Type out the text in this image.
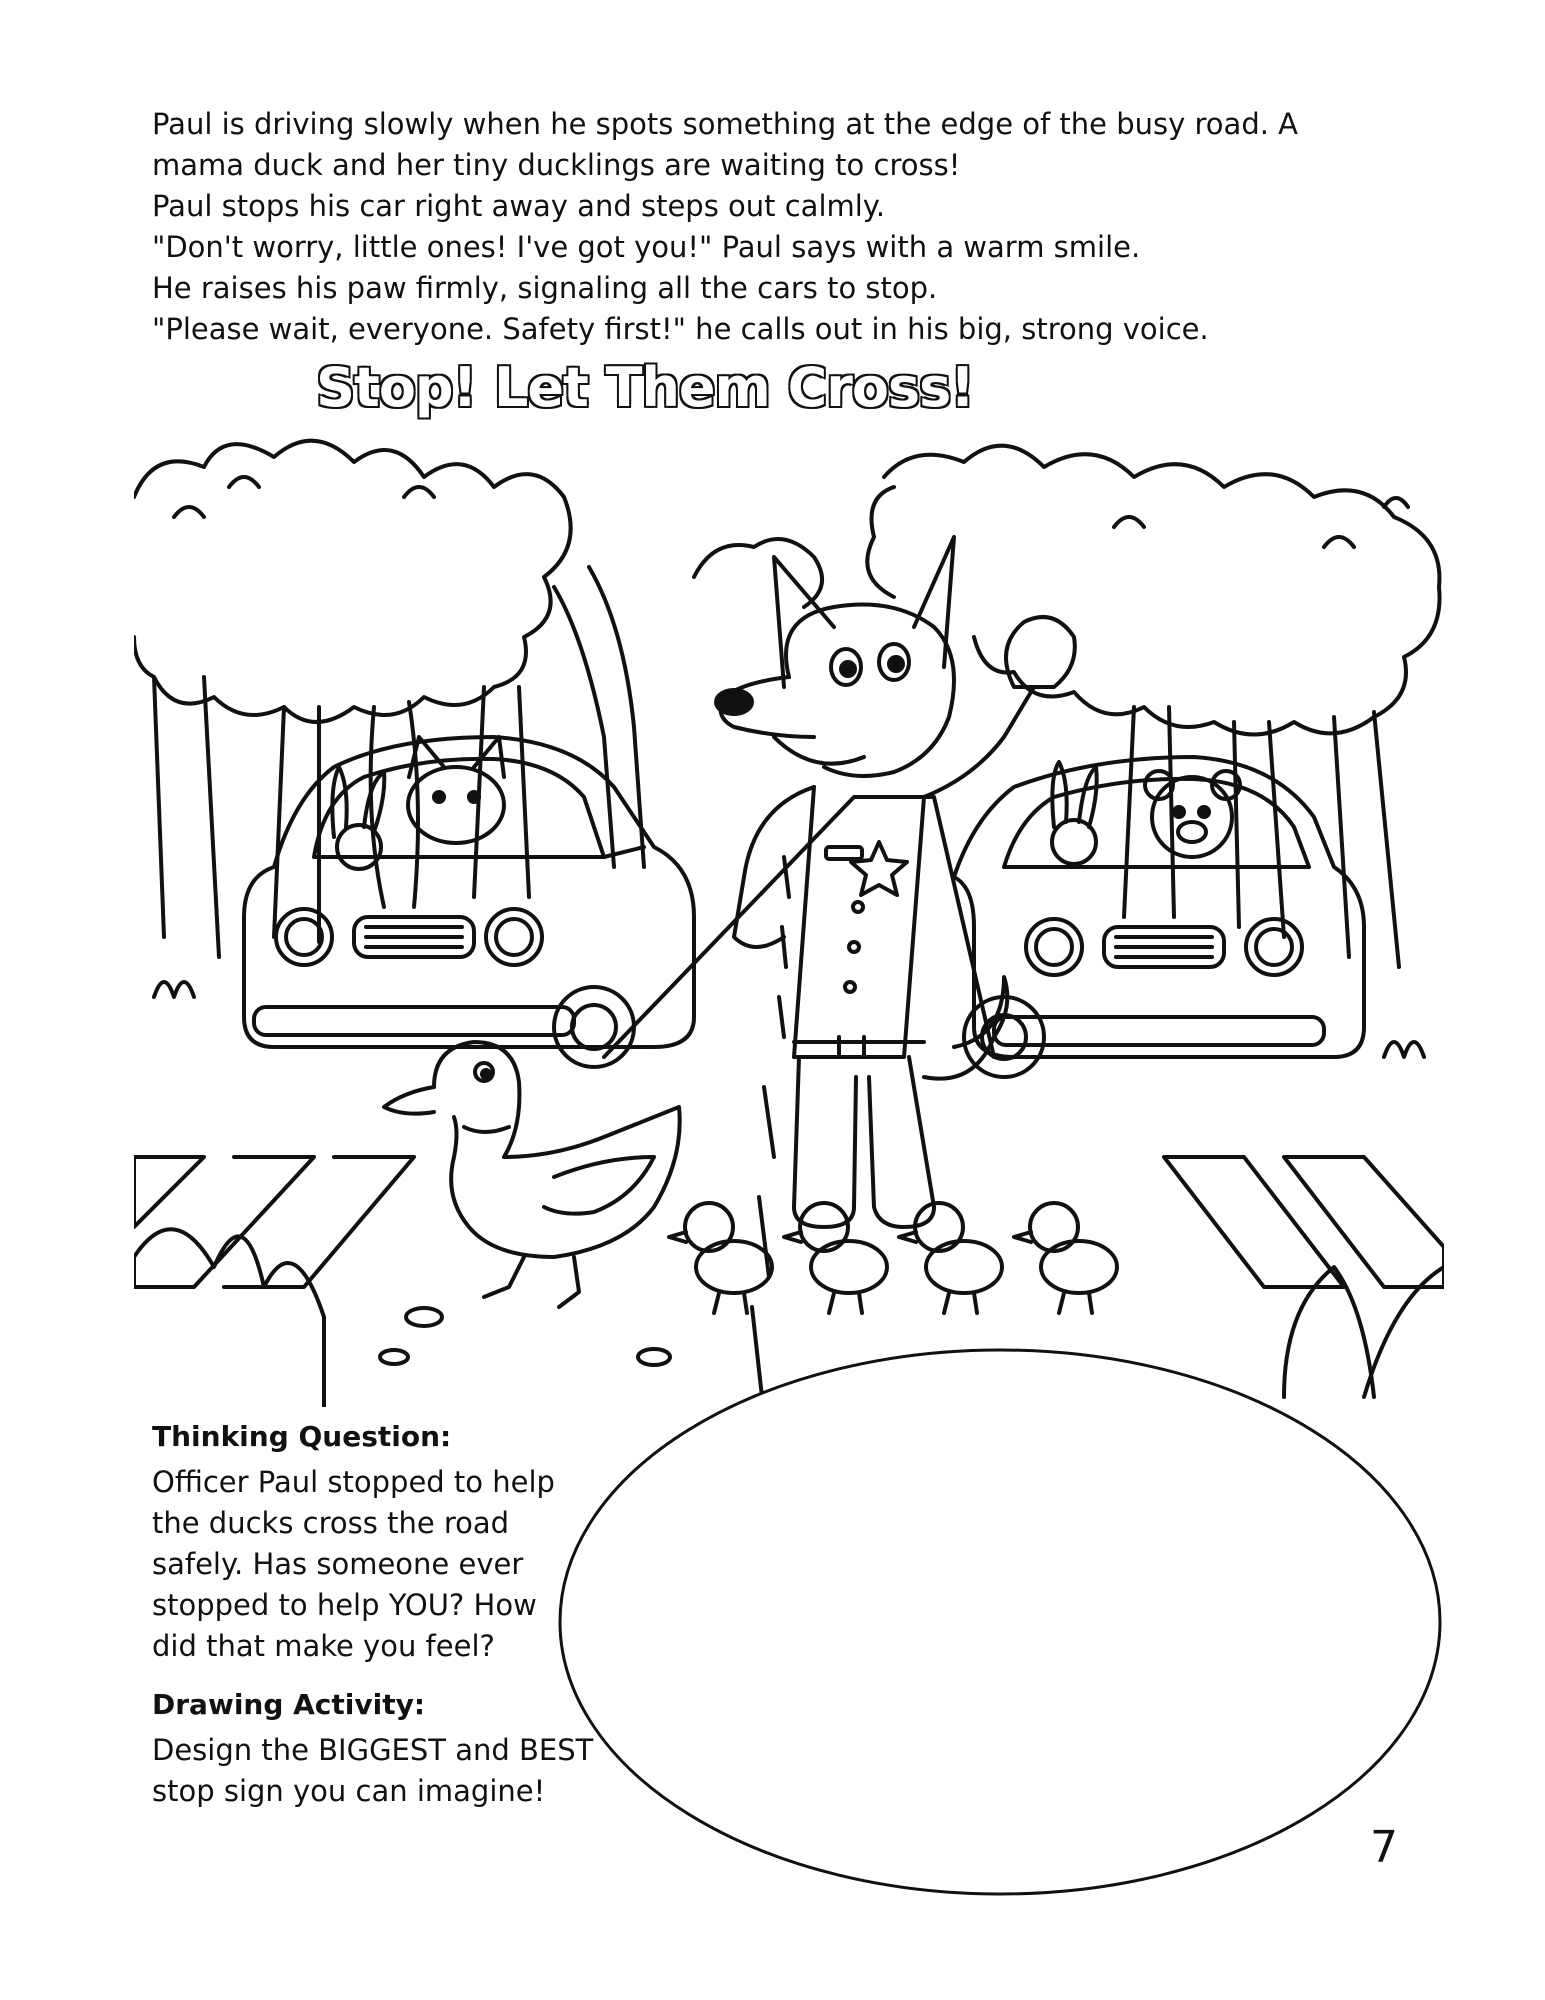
Paul is driving slowly when he spots something at the edge of the busy road. A

mama duck and her tiny ducklings are waiting to cross!

Paul stops his car right away and steps out calmly.

"Don't worry, little ones! I've got you!" Paul says with a warm smile.

He raises his paw firmly, signaling all the cars to stop.

"Please wait, everyone. Safety first!" he calls out in his big, strong voice.

Stop! Let Them Cross!
Thinking Question:
Officer Paul stopped to help
the ducks cross the road
safely. Has someone ever
stopped to help YOU? How
did that make you feel?
Drawing Activity:
Design the BIGGEST and BEST
stop sign you can imagine!
7
